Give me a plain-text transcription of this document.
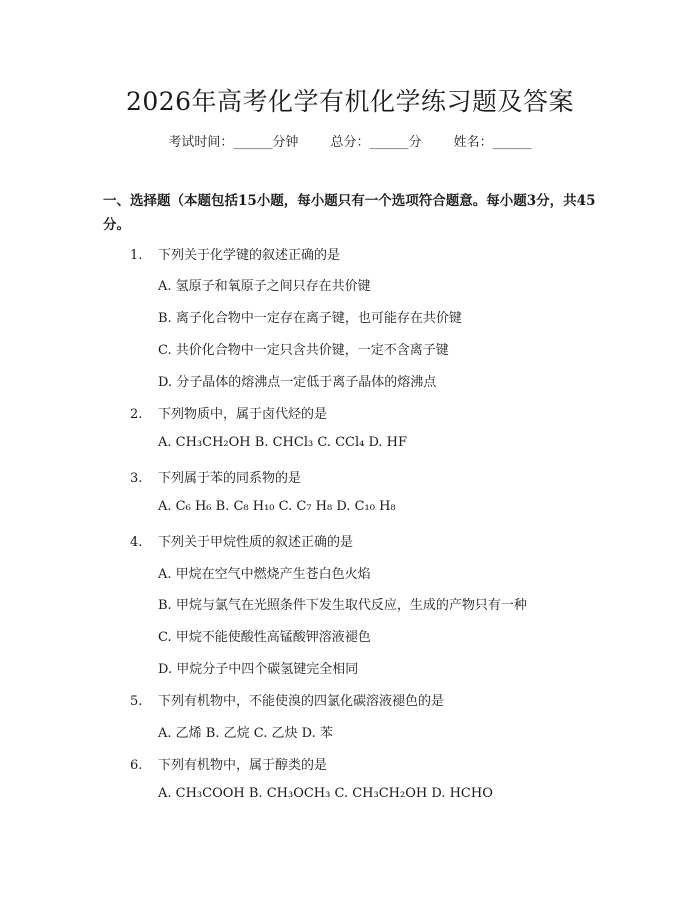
2026年高考化学有机化学练习题及答案
考试时间：______分钟 总分：______分 姓名：______
一、选择题（本题包括15小题，每小题只有一个选项符合题意。每小题3分，共45分。
1. 下列关于化学键的叙述正确的是
A. 氢原子和氧原子之间只存在共价键
B. 离子化合物中一定存在离子键，也可能存在共价键
C. 共价化合物中一定只含共价键，一定不含离子键
D. 分子晶体的熔沸点一定低于离子晶体的熔沸点
2. 下列物质中，属于卤代烃的是
A. CH₃CH₂OH B. CHCl₃ C. CCl₄ D. HF
3. 下列属于苯的同系物的是
A. C₆ H₆ B. C₈ H₁₀ C. C₇ H₈ D. C₁₀ H₈
4. 下列关于甲烷性质的叙述正确的是
A. 甲烷在空气中燃烧产生苍白色火焰
B. 甲烷与氯气在光照条件下发生取代反应，生成的产物只有一种
C. 甲烷不能使酸性高锰酸钾溶液褪色
D. 甲烷分子中四个碳氢键完全相同
5. 下列有机物中，不能使溴的四氯化碳溶液褪色的是
A. 乙烯 B. 乙烷 C. 乙炔 D. 苯
6. 下列有机物中，属于醇类的是
A. CH₃COOH B. CH₃OCH₃ C. CH₃CH₂OH D. HCHO
